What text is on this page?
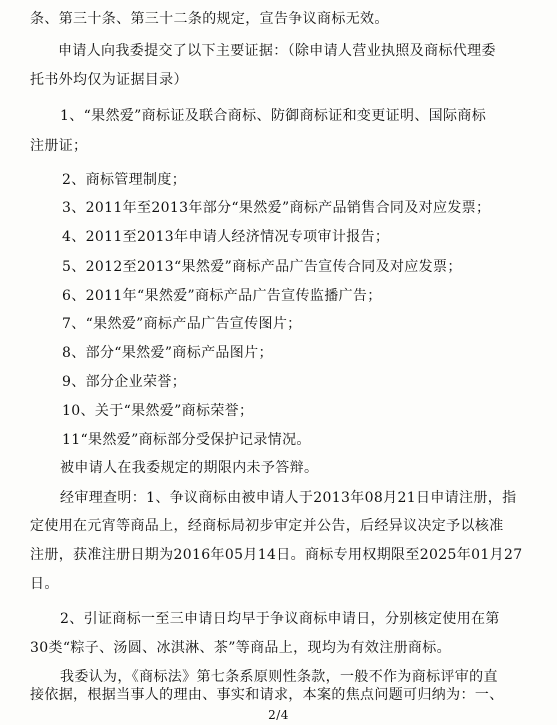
条、第三十条、第三十二条的规定，宣告争议商标无效。
申请人向我委提交了以下主要证据：（除申请人营业执照及商标代理委
托书外均仅为证据目录）
1、“果然爱”商标证及联合商标、防御商标证和变更证明、国际商标
注册证；
2、商标管理制度；
3、2011年至2013年部分“果然爱”商标产品销售合同及对应发票；
4、2011至2013年申请人经济情况专项审计报告；
5、2012至2013“果然爱”商标产品广告宣传合同及对应发票；
6、2011年“果然爱”商标产品广告宣传监播广告；
7、“果然爱”商标产品广告宣传图片；
8、部分“果然爱”商标产品图片；
9、部分企业荣誉；
10、关于“果然爱”商标荣誉；
11“果然爱”商标部分受保护记录情况。
被申请人在我委规定的期限内未予答辩。
经审理查明：1、争议商标由被申请人于2013年08月21日申请注册，指
定使用在元宵等商品上，经商标局初步审定并公告，后经异议决定予以核准
注册，获准注册日期为2016年05月14日。商标专用权期限至2025年01月27
日。
2、引证商标一至三申请日均早于争议商标申请日，分别核定使用在第
30类“粽子、汤圆、冰淇淋、茶”等商品上，现均为有效注册商标。
我委认为，《商标法》第七条系原则性条款，一般不作为商标评审的直
接依据，根据当事人的理由、事实和请求，本案的焦点问题可归纳为：一、
2/4
